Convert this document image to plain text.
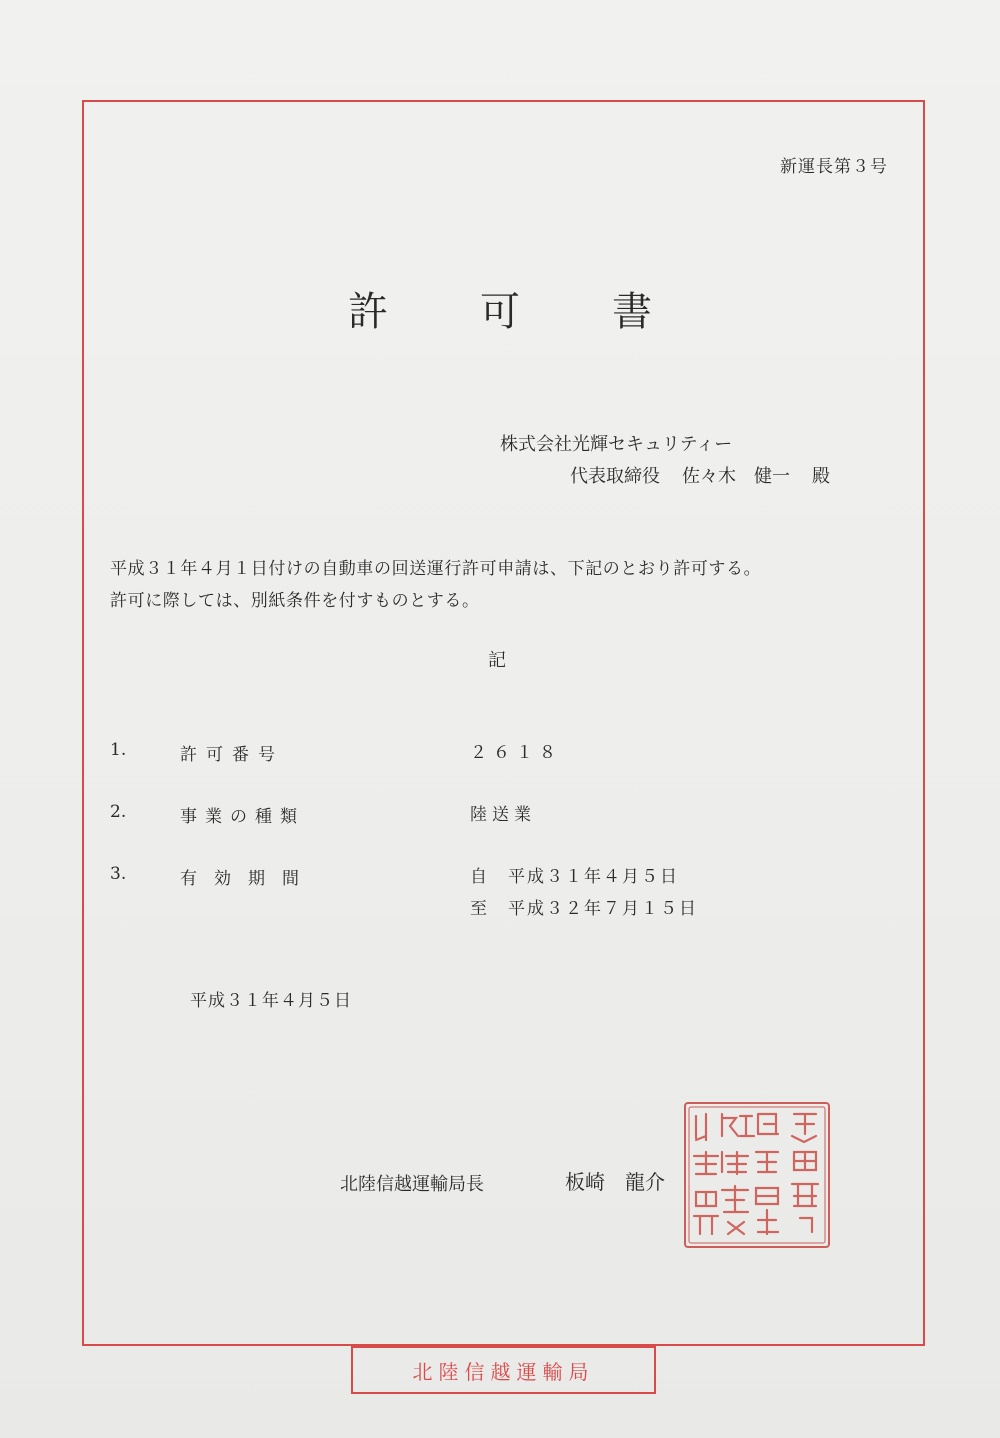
新運長第３号
許 可 書
株式会社光輝セキュリティー
代表取締役 佐々木　健一 殿
平成３１年４月１日付けの自動車の回送運行許可申請は、下記のとおり許可する。
許可に際しては、別紙条件を付すものとする。
記
1.	許可番号	２６１８
2.	事業の種類	陸送業
3.	有効期間	自　平成３１年４月５日
至　平成３２年７月１５日
平成３１年４月５日
北陸信越運輸局長	板崎　龍介
北陸信越運輸局長之印
北陸信越運輸局
